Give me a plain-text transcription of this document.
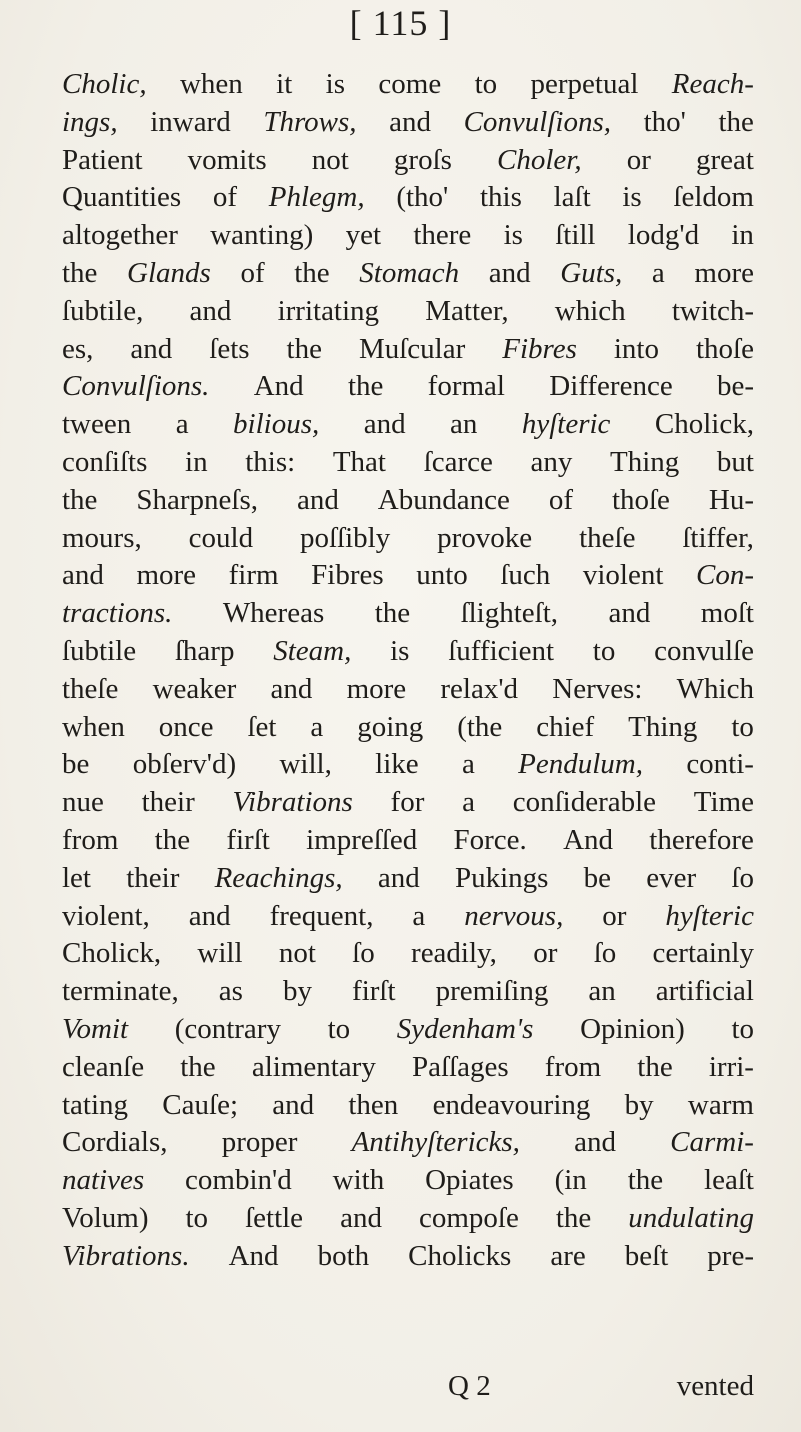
[ 115 ]
Cholic, when it is come to perpetual Reach-
ings, inward Throws, and Convulſions, tho' the
Patient vomits not groſs Choler, or great
Quantities of Phlegm, (tho' this laſt is ſeldom
altogether wanting) yet there is ſtill lodg'd in
the Glands of the Stomach and Guts, a more
ſubtile, and irritating Matter, which twitch-
es, and ſets the Muſcular Fibres into thoſe
Convulſions. And the formal Difference be-
tween a bilious, and an hyſteric Cholick,
conſiſts in this: That ſcarce any Thing but
the Sharpneſs, and Abundance of thoſe Hu-
mours, could poſſibly provoke theſe ſtiffer,
and more firm Fibres unto ſuch violent Con-
tractions. Whereas the ſlighteſt, and moſt
ſubtile ſharp Steam, is ſufficient to convulſe
theſe weaker and more relax'd Nerves: Which
when once ſet a going (the chief Thing to
be obſerv'd) will, like a Pendulum, conti-
nue their Vibrations for a conſiderable Time
from the firſt impreſſed Force. And therefore
let their Reachings, and Pukings be ever ſo
violent, and frequent, a nervous, or hyſteric
Cholick, will not ſo readily, or ſo certainly
terminate, as by firſt premiſing an artificial
Vomit (contrary to Sydenham's Opinion) to
cleanſe the alimentary Paſſages from the irri-
tating Cauſe; and then endeavouring by warm
Cordials, proper Antihyſtericks, and Carmi-
natives combin'd with Opiates (in the leaſt
Volum) to ſettle and compoſe the undulating
Vibrations. And both Cholicks are beſt pre-
Q 2	vented
